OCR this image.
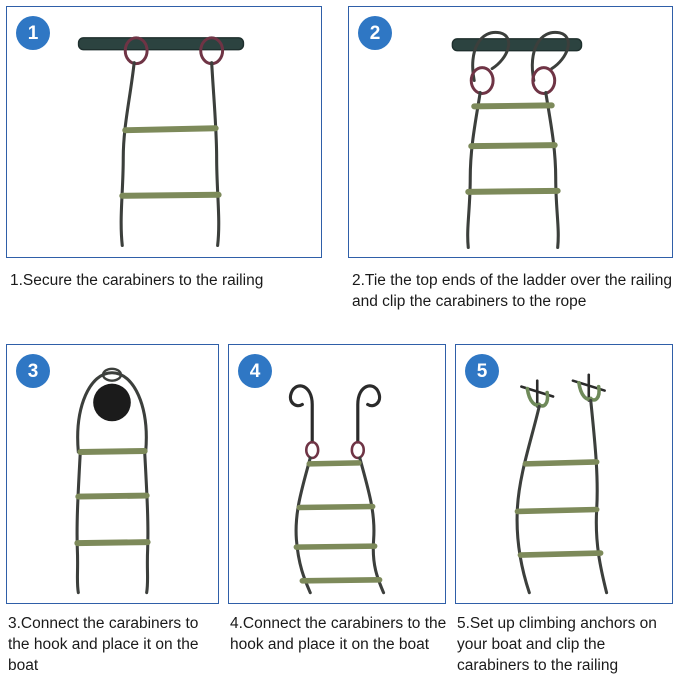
1
1.Secure the carabiners to the railing
2
2.Tie the top ends of the ladder over the railing and clip the carabiners to the rope
3
3.Connect the carabiners to the hook and place it on the boat
4
4.Connect the carabiners to the hook and place it on the boat
5
5.Set up climbing anchors on your boat and clip the carabiners to the railing
